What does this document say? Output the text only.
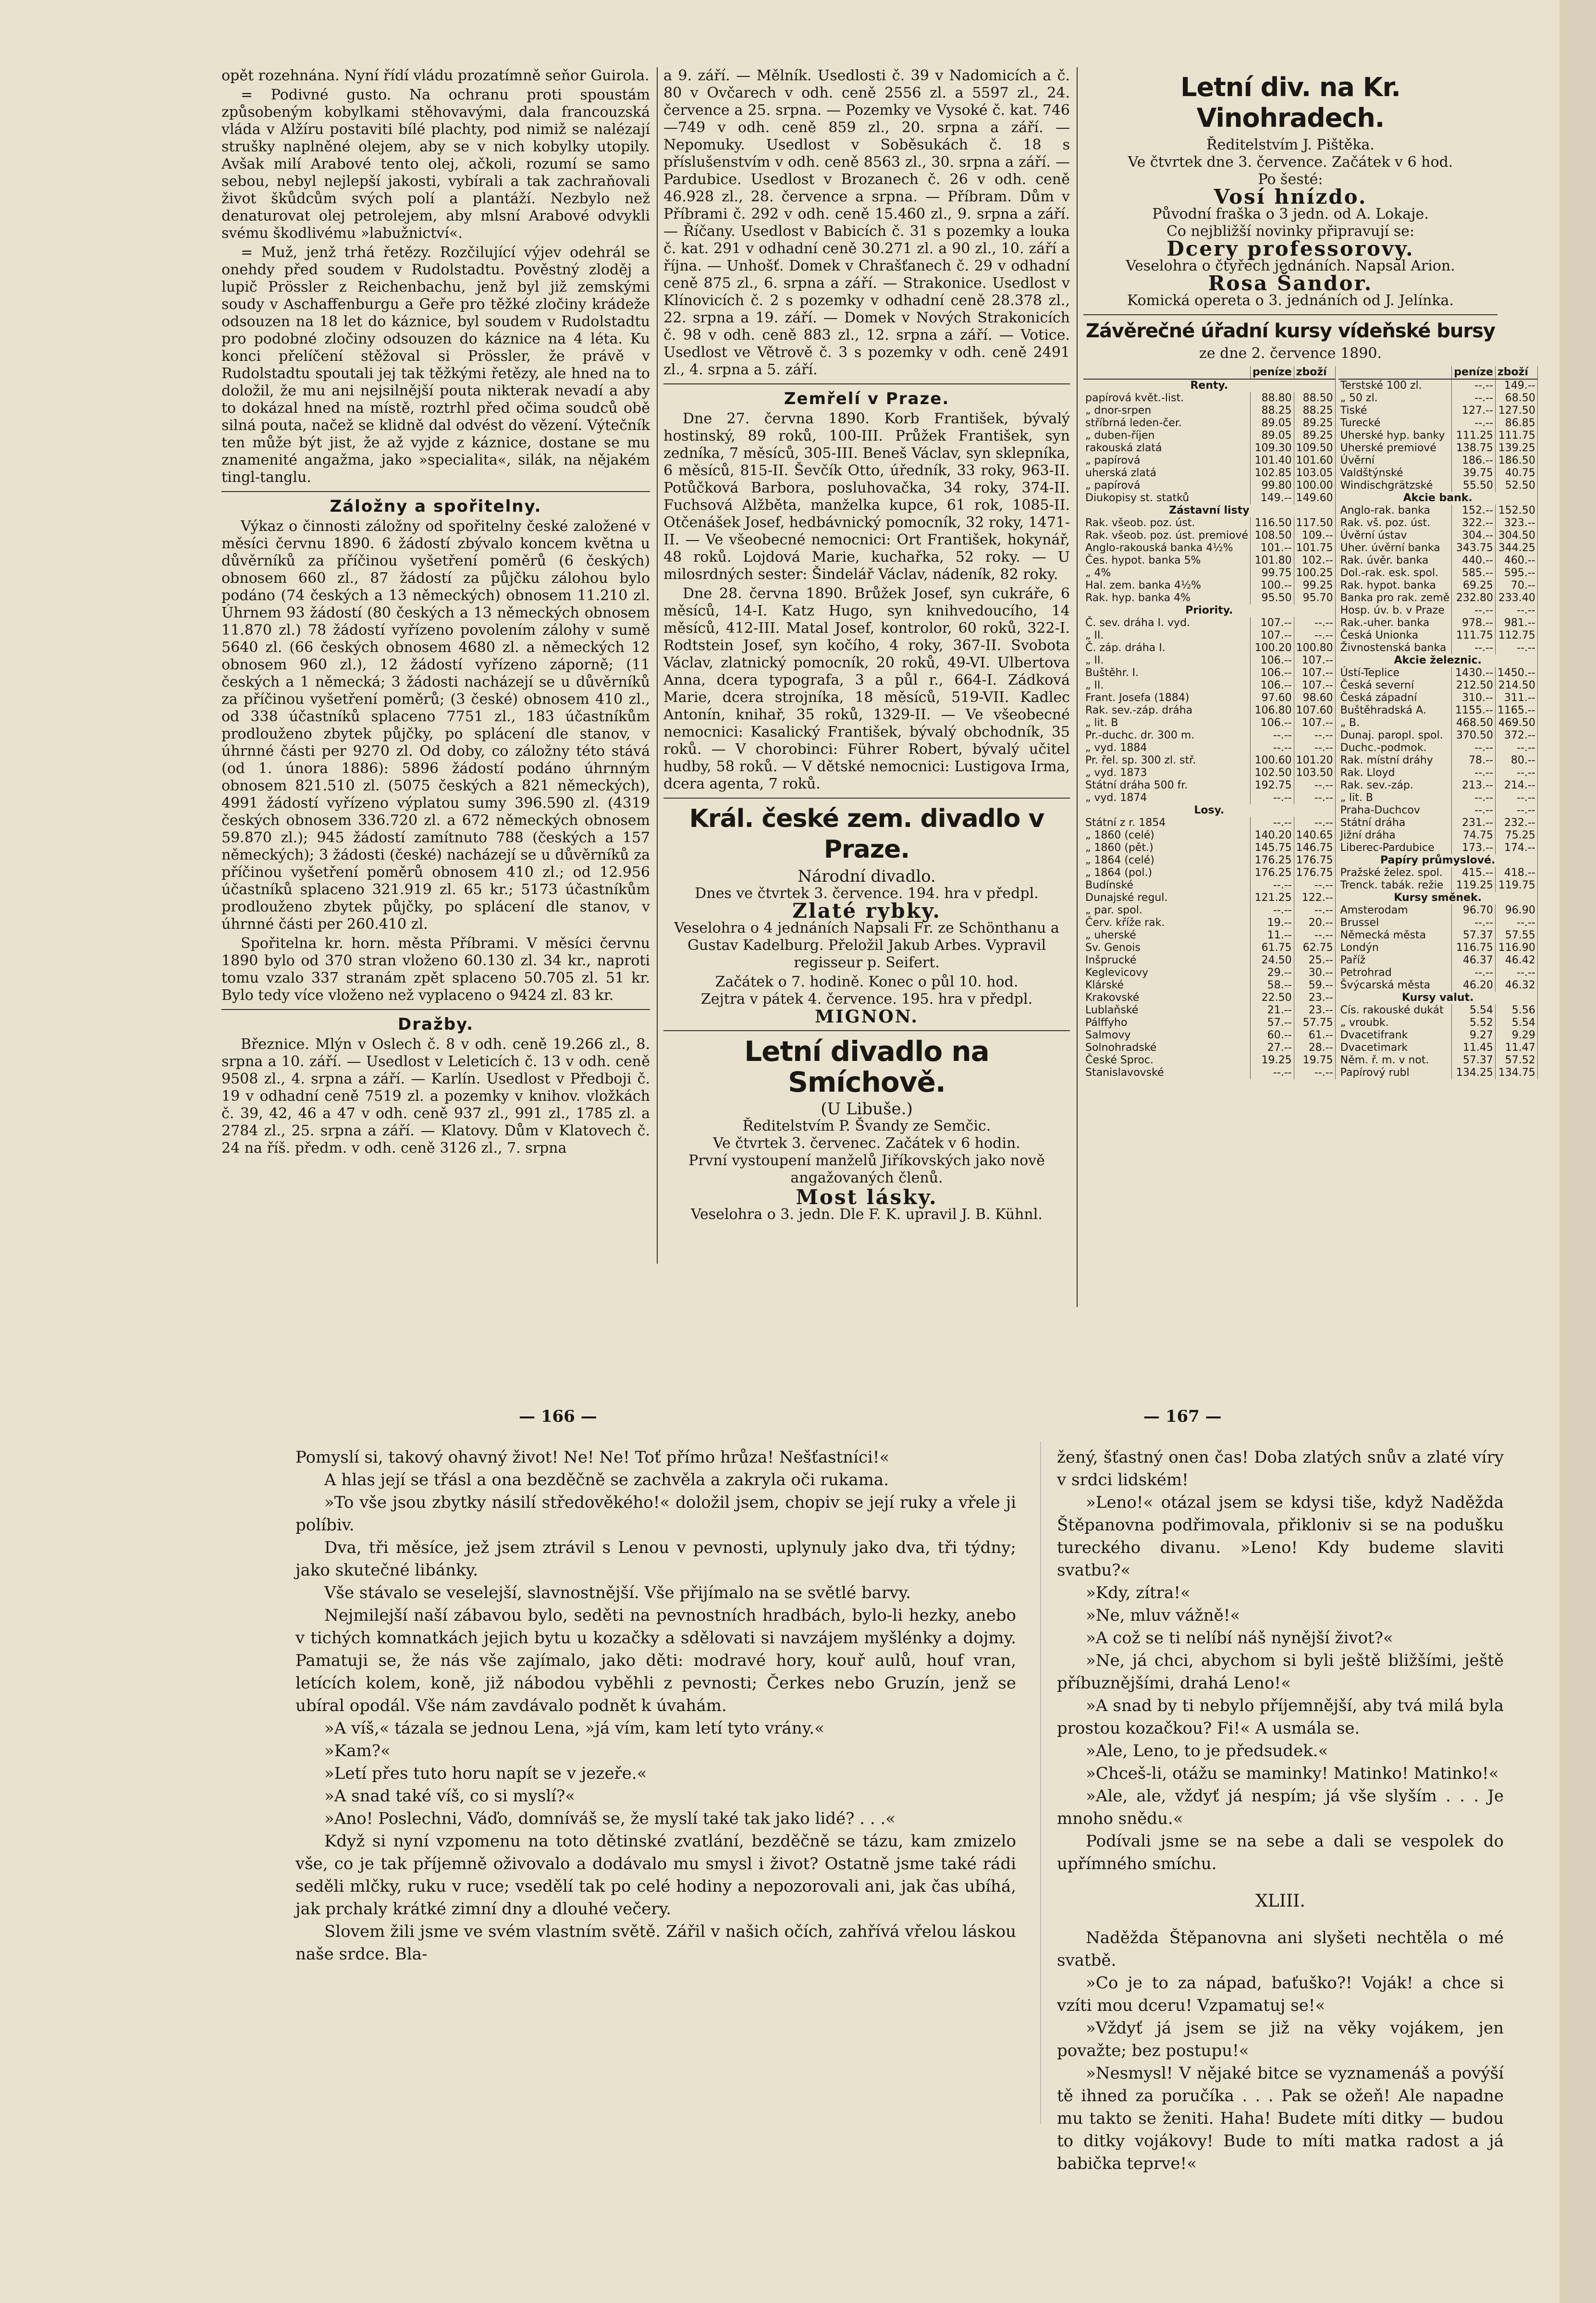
opět rozehnána. Nyní řídí vládu prozatímně seňor Guirola.

= Podivné gusto. Na ochranu proti spoustám způsobeným kobylkami stěhovavými, dala francouzská vláda v Alžíru postaviti bílé plachty, pod nimiž se nalézají strušky naplněné olejem, aby se v nich kobylky utopily. Avšak milí Arabové tento olej, ačkoli, rozumí se samo sebou, nebyl nejlepší jakosti, vybírali a tak zachraňovali život škůdcům svých polí a plantáží. Nezbylo než denaturovat olej petrolejem, aby mlsní Arabové odvykli svému škodlivému »labužnictví«.

= Muž, jenž trhá řetězy. Rozčilující výjev odehrál se onehdy před soudem v Rudolstadtu. Pověstný zloděj a lupič Prössler z Reichenbachu, jenž byl již zemskými soudy v Aschaffenburgu a Geře pro těžké zločiny krádeže odsouzen na 18 let do káznice, byl soudem v Rudolstadtu pro podobné zločiny odsouzen do káznice na 4 léta. Ku konci přelíčení stěžoval si Prössler, že právě v Rudolstadtu spoutali jej tak těžkými řetězy, ale hned na to doložil, že mu ani nejsilnější pouta nikterak nevadí a aby to dokázal hned na místě, roztrhl před očima soudců obě silná pouta, načež se klidně dal odvést do vězení. Výtečník ten může být jist, že až vyjde z káznice, dostane se mu znamenité angažma, jako »specialita«, silák, na nějakém tingl-tanglu.

Záložny a spořitelny.

Výkaz o činnosti záložny od spořitelny české založené v měsíci červnu 1890. 6 žádostí zbývalo koncem května u důvěrníků za příčinou vyšetření poměrů (6 českých) obnosem 660 zl., 87 žádostí za půjčku zálohou bylo podáno (74 českých a 13 německých) obnosem 11.210 zl. Úhrnem 93 žádostí (80 českých a 13 německých obnosem 11.870 zl.) 78 žádostí vyřízeno povolením zálohy v sumě 5640 zl. (66 českých obnosem 4680 zl. a německých 12 obnosem 960 zl.), 12 žádostí vyřízeno záporně; (11 českých a 1 německá; 3 žádosti nacházejí se u důvěrníků za příčinou vyšetření poměrů; (3 české) obnosem 410 zl., od 338 účastníků splaceno 7751 zl., 183 účastníkům prodlouženo zbytek půjčky, po splácení dle stanov, v úhrnné části per 9270 zl. Od doby, co záložny této stává (od 1. února 1886): 5896 žádostí podáno úhrnným obnosem 821.510 zl. (5075 českých a 821 německých), 4991 žádostí vyřízeno výplatou sumy 396.590 zl. (4319 českých obnosem 336.720 zl. a 672 německých obnosem 59.870 zl.); 945 žádostí zamítnuto 788 (českých a 157 německých); 3 žádosti (české) nacházejí se u důvěrníků za příčinou vyšetření poměrů obnosem 410 zl.; od 12.956 účastníků splaceno 321.919 zl. 65 kr.; 5173 účastníkům prodlouženo zbytek půjčky, po splácení dle stanov, v úhrnné části per 260.410 zl.

Spořitelna kr. horn. města Příbrami. V měsíci červnu 1890 bylo od 370 stran vloženo 60.130 zl. 34 kr., naproti tomu vzalo 337 stranám zpět splaceno 50.705 zl. 51 kr. Bylo tedy více vloženo než vyplaceno o 9424 zl. 83 kr.

Dražby.

Březnice. Mlýn v Oslech č. 8 v odh. ceně 19.266 zl., 8. srpna a 10. září. — Usedlost v Leleticích č. 13 v odh. ceně 9508 zl., 4. srpna a září. — Karlín. Usedlost v Předboji č. 19 v odhadní ceně 7519 zl. a pozemky v knihov. vložkách č. 39, 42, 46 a 47 v odh. ceně 937 zl., 991 zl., 1785 zl. a 2784 zl., 25. srpna a září. — Klatovy. Dům v Klatovech č. 24 na říš. předm. v odh. ceně 3126 zl., 7. srpna

a 9. září. — Mělník. Usedlosti č. 39 v Nadomicích a č. 80 v Ovčarech v odh. ceně 2556 zl. a 5597 zl., 24. července a 25. srpna. — Pozemky ve Vysoké č. kat. 746—749 v odh. ceně 859 zl., 20. srpna a září. — Nepomuky. Usedlost v Soběsukách č. 18 s příslušenstvím v odh. ceně 8563 zl., 30. srpna a září. — Pardubice. Usedlost v Brozanech č. 26 v odh. ceně 46.928 zl., 28. července a srpna. — Příbram. Dům v Příbrami č. 292 v odh. ceně 15.460 zl., 9. srpna a září. — Říčany. Usedlost v Babicích č. 31 s pozemky a louka č. kat. 291 v odhadní ceně 30.271 zl. a 90 zl., 10. září a října. — Unhošť. Domek v Chrašťanech č. 29 v odhadní ceně 875 zl., 6. srpna a září. — Strakonice. Usedlost v Klínovicích č. 2 s pozemky v odhadní ceně 28.378 zl., 22. srpna a 19. září. — Domek v Nových Strakonicích č. 98 v odh. ceně 883 zl., 12. srpna a září. — Votice. Usedlost ve Větrově č. 3 s pozemky v odh. ceně 2491 zl., 4. srpna a 5. září.

Zemřelí v Praze.

Dne 27. června 1890. Korb František, bývalý hostinský, 89 roků, 100-III. Průžek František, syn zedníka, 7 měsíců, 305-III. Beneš Václav, syn sklepníka, 6 měsíců, 815-II. Ševčík Otto, úředník, 33 roky, 963-II. Potůčková Barbora, posluhovačka, 34 roky, 374-II. Fuchsová Alžběta, manželka kupce, 61 rok, 1085-II. Otčenášek Josef, hedbávnický pomocník, 32 roky, 1471-II. — Ve všeobecné nemocnici: Ort František, hokynář, 48 roků. Lojdová Marie, kuchařka, 52 roky. — U milosrdných sester: Šindelář Václav, nádeník, 82 roky.

Dne 28. června 1890. Brůžek Josef, syn cukráře, 6 měsíců, 14-I. Katz Hugo, syn knihvedoucího, 14 měsíců, 412-III. Matal Josef, kontrolor, 60 roků, 322-I. Rodtstein Josef, syn kočího, 4 roky, 367-II. Svobota Václav, zlatnický pomocník, 20 roků, 49-VI. Ulbertova Anna, dcera typografa, 3 a půl r., 664-I. Zádková Marie, dcera strojníka, 18 měsíců, 519-VII. Kadlec Antonín, knihař, 35 roků, 1329-II. — Ve všeobecné nemocnici: Kasalický František, bývalý obchodník, 35 roků. — V chorobinci: Führer Robert, bývalý učitel hudby, 58 roků. — V dětské nemocnici: Lustigova Irma, dcera agenta, 7 roků.

Král. české zem. divadlo v Praze.
Národní divadlo.
Dnes ve čtvrtek 3. července. 194. hra v předpl.
Zlaté rybky.

Veselohra o 4 jednáních Napsali Fr. ze Schönthanu a Gustav Kadelburg. Přeložil Jakub Arbes. Vypravil regisseur p. Seifert.

Začátek o 7. hodině. Konec o půl 10. hod.
Zejtra v pátek 4. července. 195. hra v předpl.
MIGNON.
Letní divadlo na Smíchově.
(U Libuše.)
Ředitelstvím P. Švandy ze Semčic.
Ve čtvrtek 3. červenec. Začátek v 6 hodin.

První vystoupení manželů Jiříkovských jako nově angažovaných členů.

Most lásky.
Veselohra o 3. jedn. Dle F. K. upravil J. B. Kühnl.
Letní div. na Kr. Vinohradech.
Ředitelstvím J. Pištěka.
Ve čtvrtek dne 3. července. Začátek v 6 hod.
Po šesté:
Vosí hnízdo.
Původní fraška o 3 jedn. od A. Lokaje.
Co nejbližší novinky připravují se:
Dcery professorovy.
Veselohra o čtyřech jednáních. Napsal Arion.
Rosa Šandor.
Komická opereta o 3. jednáních od J. Jelínka.
Závěrečné úřadní kursy vídeňské bursy
ze dne 2. července 1890.
	peníze	zboží
Renty.		
papírová květ.-list.	88.80	88.50
„ dnor-srpen	88.25	88.25
stříbrná leden-čer.	89.05	89.25
„ duben-říjen	89.05	89.25
rakouská zlatá	109.30	109.50
„ papírová	101.40	101.60
uherská zlatá	102.85	103.05
„ papírová	99.80	100.00
Diukopisy st. statků	149.--	149.60
Zástavní listy		
Rak. všeob. poz. úst.	116.50	117.50
Rak. všeob. poz. úst. premiové	108.50	109.--
Anglo-rakouská banka 4½%	101.--	101.75
Čes. hypot. banka 5%	101.80	102.--
„ 4%	99.75	100.25
Hal. zem. banka 4½%	100.--	99.25
Rak. hyp. banka 4%	95.50	95.70
Priority.		
Č. sev. dráha I. vyd.	107.--	--.--
„ II.	107.--	--.--
Č. záp. dráha I.	100.20	100.80
„ II.	106.--	107.--
Buštěhr. I.	106.--	107.--
„ II.	106.--	107.--
Frant. Josefa (1884)	97.60	98.60
Rak. sev.-záp. dráha	106.80	107.60
„ lit. B	106.--	107.--
Pr.-duchc. dr. 300 m.	--.--	--.--
„ vyd. 1884	--.--	--.--
Pr. řel. sp. 300 zl. stř.	100.60	101.20
„ vyd. 1873	102.50	103.50
Státní dráha 500 fr.	192.75	--.--
„ vyd. 1874	--.--	--.--
Losy.		
Státní z r. 1854	--.--	--.--
„ 1860 (celé)	140.20	140.65
„ 1860 (pět.)	145.75	146.75
„ 1864 (celé)	176.25	176.75
„ 1864 (pol.)	176.25	176.75
Budínské	--.--	--.--
Dunajské regul.	121.25	122.--
„ par. spol.	--.--	--.--
Červ. kříže rak.	19.--	20.--
„ uherské	11.--	--.--
Sv. Genois	61.75	62.75
Inšprucké	24.50	25.--
Keglevicovy	29.--	30.--
Klárské	58.--	59.--
Krakovské	22.50	23.--
Lublaňské	21.--	23.--
Pálffyho	57.--	57.75
Salmovy	60.--	61.--
Solnohradské	27.--	28.--
České Sproc.	19.25	19.75
Stanislavovské	--.--	--.--
	peníze	zboží
Terstské 100 zl.	--.--	149.--
„ 50 zl.	--.--	68.50
Tiské	127.--	127.50
Turecké	--.--	86.85
Uherské hyp. banky	111.25	111.75
Uherské premiové	138.75	139.25
Úvěrní	186.--	186.50
Valdštýnské	39.75	40.75
Windischgrätzské	55.50	52.50
Akcie bank.		
Anglo-rak. banka	152.--	152.50
Rak. vš. poz. úst.	322.--	323.--
Úvěrní ústav	304.--	304.50
Uher. úvěrní banka	343.75	344.25
Rak. úvěr. banka	440.--	460.--
Dol.-rak. esk. spol.	585.--	595.--
Rak. hypot. banka	69.25	70.--
Banka pro rak. země	232.80	233.40
Hosp. úv. b. v Praze	--.--	--.--
Rak.-uher. banka	978.--	981.--
Česká Unionka	111.75	112.75
Živnostenská banka	--.--	--.--
Akcie železnic.		
Ústí-Teplice	1430.--	1450.--
Česká severní	212.50	214.50
Česká západní	310.--	311.--
Buštěhradská A.	1155.--	1165.--
„ B.	468.50	469.50
Dunaj. paropl. spol.	370.50	372.--
Duchc.-podmok.	--.--	--.--
Rak. místní dráhy	78.--	80.--
Rak. Lloyd	--.--	--.--
Rak. sev.-záp.	213.--	214.--
„ lit. B	--.--	--.--
Praha-Duchcov	--.--	--.--
Státní dráha	231.--	232.--
Jižní dráha	74.75	75.25
Liberec-Pardubice	173.--	174.--
Papíry průmyslové.		
Pražské želez. spol.	415.--	418.--
Trenck. tabák. režie	119.25	119.75
Kursy směnek.		
Amsterodam	96.70	96.90
Brussel	--.--	--.--
Německá města	57.37	57.55
Londýn	116.75	116.90
Paříž	46.37	46.42
Petrohrad	--.--	--.--
Švýcarská města	46.20	46.32
Kursy valut.		
Cís. rakouské dukát	5.54	5.56
„ vroubk.	5.52	5.54
Dvacetifrank	9.27	9.29
Dvacetimark	11.45	11.47
Něm. ř. m. v not.	57.37	57.52
Papírový rubl	134.25	134.75
— 166 —	— 167 —

Pomyslí si, takový ohavný život! Ne! Ne! Toť přímo hrůza! Nešťastníci!«

A hlas její se třásl a ona bezděčně se zachvěla a zakryla oči rukama.

»To vše jsou zbytky násilí středověkého!« doložil jsem, chopiv se její ruky a vřele ji políbiv.

Dva, tři měsíce, jež jsem ztrávil s Lenou v pevnosti, uplynuly jako dva, tři týdny; jako skutečné libánky.

Vše stávalo se veselejší, slavnostnější. Vše přijímalo na se světlé barvy.

Nejmilejší naší zábavou bylo, seděti na pevnostních hradbách, bylo-li hezky, anebo v tichých komnatkách jejich bytu u kozačky a sdělovati si navzájem myšlénky a dojmy. Pamatuji se, že nás vše zajímalo, jako děti: modravé hory, kouř aulů, houf vran, letících kolem, koně, již nábodou vyběhli z pevnosti; Čerkes nebo Gruzín, jenž se ubíral opodál. Vše nám zavdávalo podnět k úvahám.

»A víš,« tázala se jednou Lena, »já vím, kam letí tyto vrány.«

»Kam?«

»Letí přes tuto horu napít se v jezeře.«

»A snad také víš, co si myslí?«

»Ano! Poslechni, Váďo, domníváš se, že myslí také tak jako lidé? . . .«

Když si nyní vzpomenu na toto dětinské zvatlání, bezděčně se tázu, kam zmizelo vše, co je tak příjemně oživovalo a dodávalo mu smysl i život? Ostatně jsme také rádi seděli mlčky, ruku v ruce; vsedělí tak po celé hodiny a nepozorovali ani, jak čas ubíhá, jak prchaly krátké zimní dny a dlouhé večery.

Slovem žili jsme ve svém vlastním světě. Zářil v našich očích, zahřívá vřelou láskou naše srdce. Bla-

žený, šťastný onen čas! Doba zlatých snův a zlaté víry v srdci lidském!

»Leno!« otázal jsem se kdysi tiše, když Naděžda Štěpanovna podřimovala, přikloniv si se na podušku tureckého divanu. »Leno! Kdy budeme slaviti svatbu?«

»Kdy, zítra!«

»Ne, mluv vážně!«

»A což se ti nelíbí náš nynější život?«

»Ne, já chci, abychom si byli ještě bližšími, ještě příbuznějšími, drahá Leno!«

»A snad by ti nebylo příjemnější, aby tvá milá byla prostou kozačkou? Fi!« A usmála se.

»Ale, Leno, to je předsudek.«

»Chceš-li, otážu se maminky! Matinko! Matinko!«

»Ale, ale, vždyť já nespím; já vše slyším . . . Je mnoho snědu.«

Podívali jsme se na sebe a dali se vespolek do upřímného smíchu.

XLIII.

Naděžda Štěpanovna ani slyšeti nechtěla o mé svatbě.

»Co je to za nápad, baťuško?! Voják! a chce si vzíti mou dceru! Vzpamatuj se!«

»Vždyť já jsem se již na věky vojákem, jen považte; bez postupu!«

»Nesmysl! V nějaké bitce se vyznamenáš a povýší tě ihned za poručíka . . . Pak se ožeň! Ale napadne mu takto se ženiti. Haha! Budete míti ditky — budou to ditky vojákovy! Bude to míti matka radost a já babička teprve!«
